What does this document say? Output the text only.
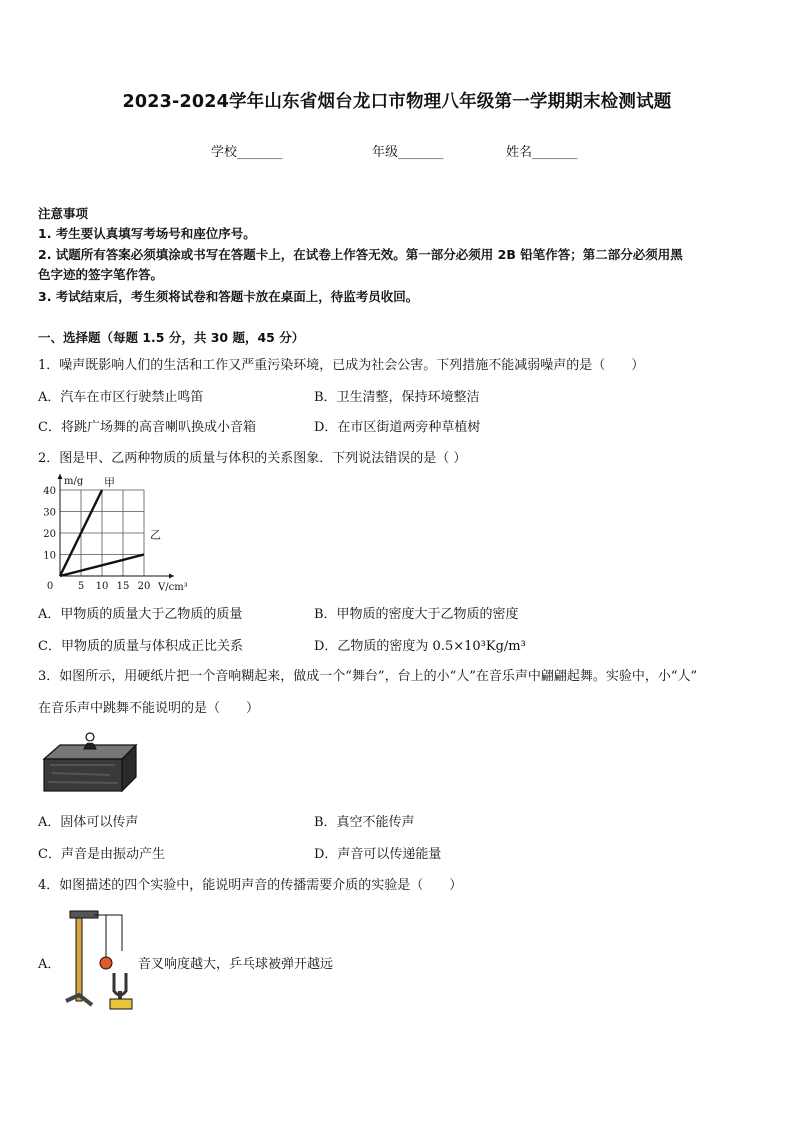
2023-2024学年山东省烟台龙口市物理八年级第一学期期末检测试题
学校_______	年级_______	姓名_______
注意事项
1. 考生要认真填写考场号和座位序号。
2. 试题所有答案必须填涂或书写在答题卡上，在试卷上作答无效。第一部分必须用 2B 铅笔作答；第二部分必须用黑
色字迹的签字笔作答。
3. 考试结束后，考生须将试卷和答题卡放在桌面上，待监考员收回。
一、选择题（每题 1.5 分，共 30 题，45 分）
1．噪声既影响人们的生活和工作又严重污染环境，已成为社会公害。下列措施不能减弱噪声的是（　　）
A．汽车在市区行驶禁止鸣笛	B．卫生清整，保持环境整洁
C．将跳广场舞的高音喇叭换成小音箱	D．在市区街道两旁种草植树
2．图是甲、乙两种物质的质量与体积的关系图象．下列说法错误的是（ ）
0 5 10 15 20
10
20
30
40
甲
乙
V/cm³
m/g
A．甲物质的质量大于乙物质的质量	B．甲物质的密度大于乙物质的密度
C．甲物质的质量与体积成正比关系	D．乙物质的密度为 0.5×10³Kg/m³
3．如图所示，用硬纸片把一个音响糊起来，做成一个“舞台”，台上的小“人”在音乐声中翩翩起舞。实验中，小“人”
在音乐声中跳舞不能说明的是（　　）
A．固体可以传声	B．真空不能传声
C．声音是由振动产生	D．声音可以传递能量
4．如图描述的四个实验中，能说明声音的传播需要介质的实验是（　　）
A．	音叉响度越大，乒乓球被弹开越远
